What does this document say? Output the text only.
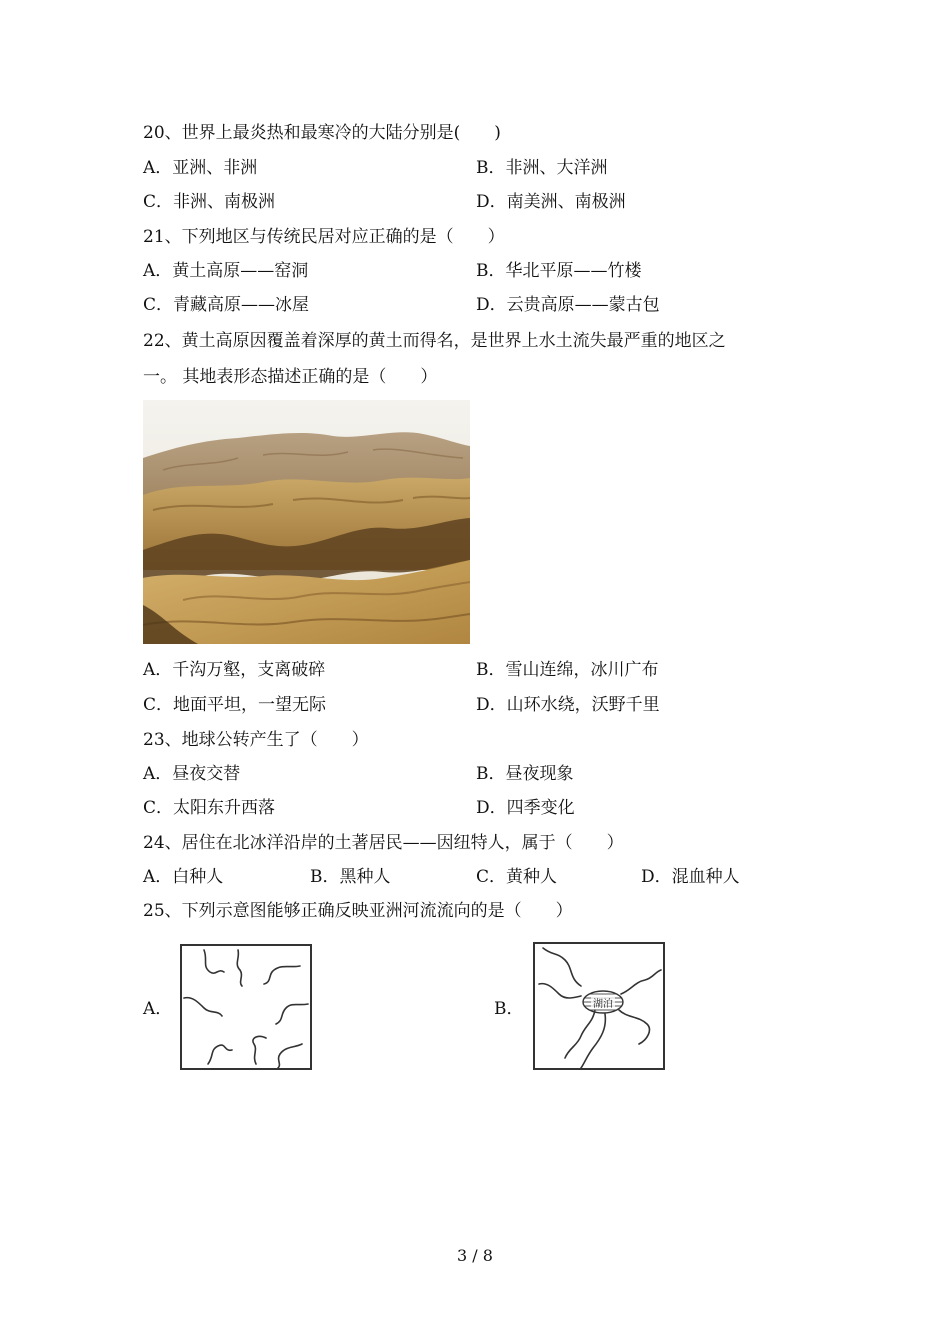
20、世界上最炎热和最寒冷的大陆分别是(　　)
A．亚洲、非洲	B．非洲、大洋洲
C．非洲、南极洲	D．南美洲、南极洲
21、下列地区与传统民居对应正确的是（　　）
A．黄土高原——窑洞	B．华北平原——竹楼
C．青藏高原——冰屋	D．云贵高原——蒙古包
22、黄土高原因覆盖着深厚的黄土而得名，是世界上水土流失最严重的地区之
一。 其地表形态描述正确的是（　　）
A．千沟万壑，支离破碎	B．雪山连绵，冰川广布
C．地面平坦，一望无际	D．山环水绕，沃野千里
23、地球公转产生了（　　）
A．昼夜交替	B．昼夜现象
C．太阳东升西落	D．四季变化
24、居住在北冰洋沿岸的土著居民——因纽特人，属于（　　）
A．白种人	B．黑种人	C．黄种人	D．混血种人
25、下列示意图能够正确反映亚洲河流流向的是（　　）
A．	B．	湖泊
3 / 8
